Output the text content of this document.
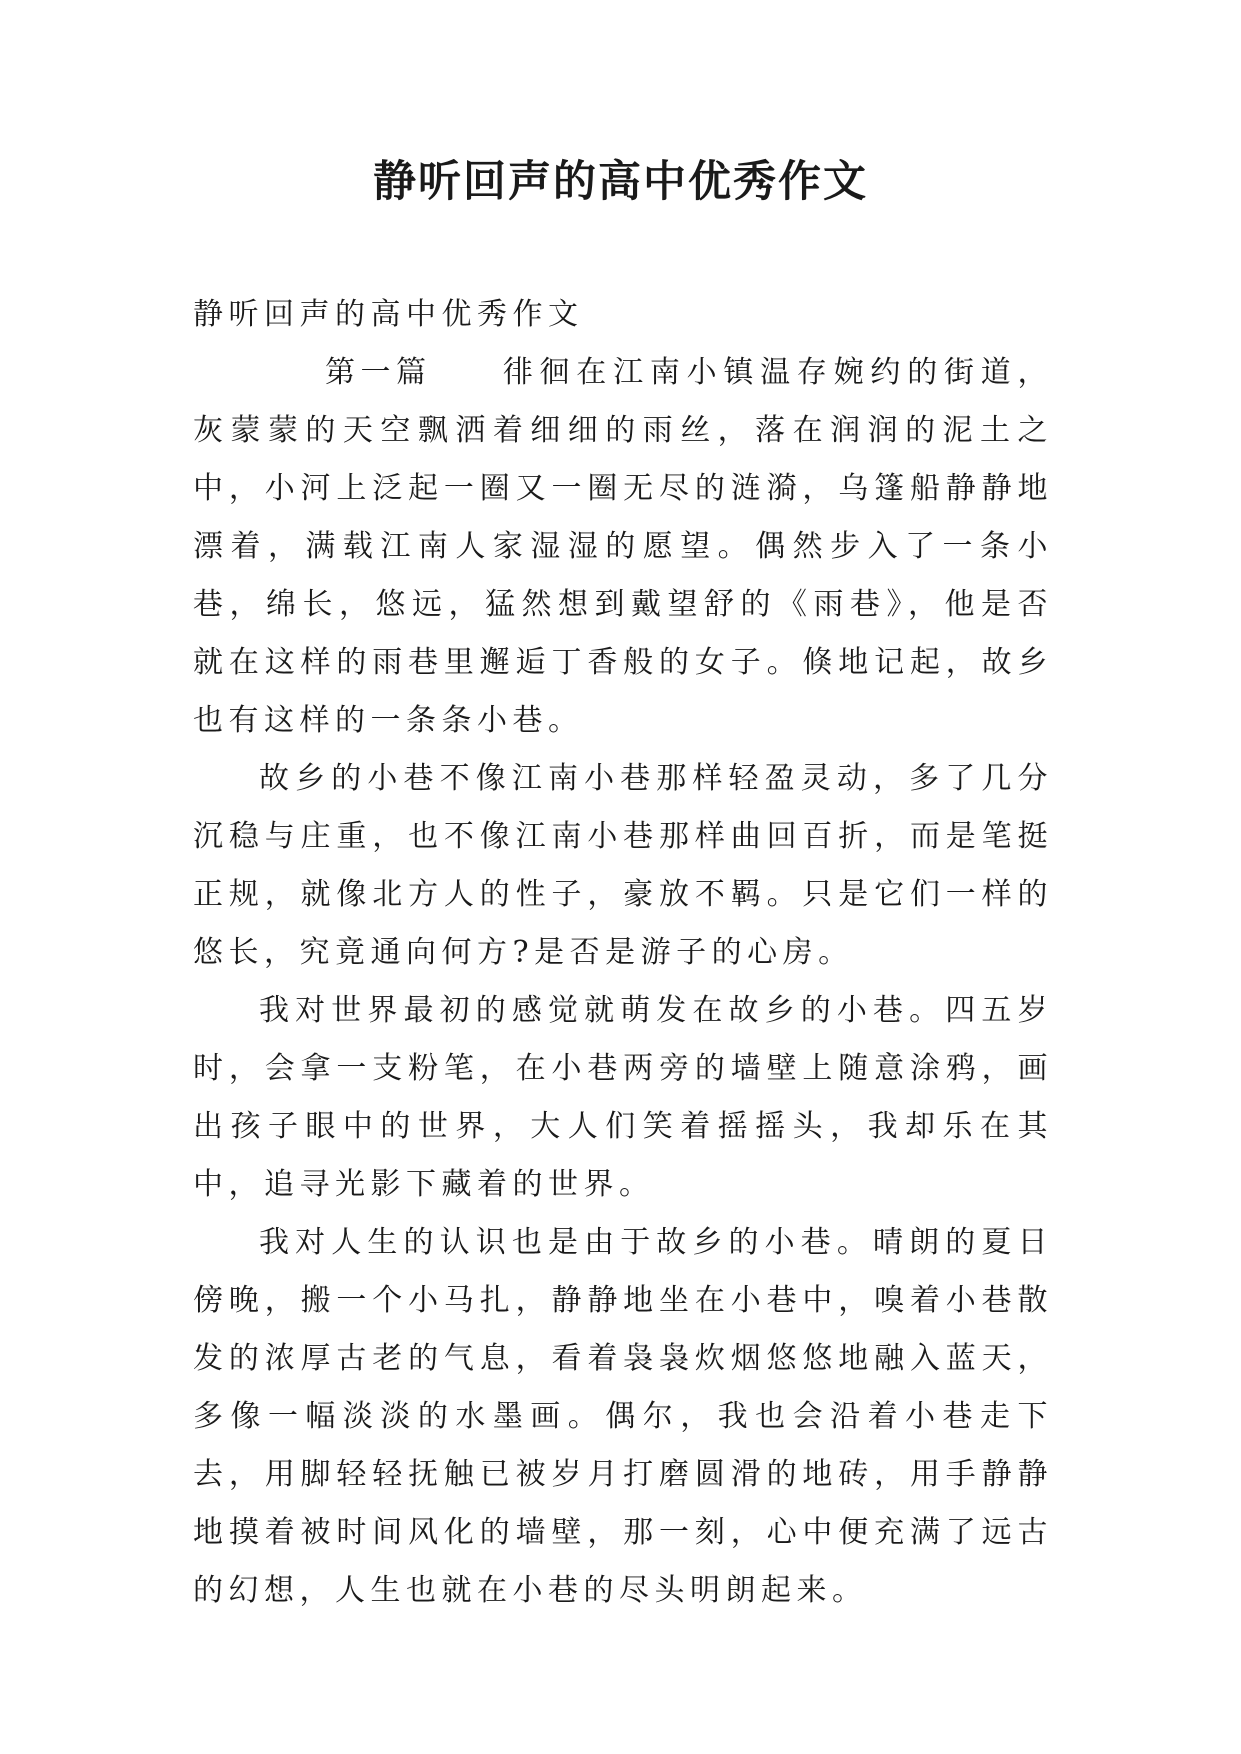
静听回声的高中优秀作文

静听回声的高中优秀作文

第一篇 徘徊在江南小镇温存婉约的街道，灰蒙蒙的天空飘洒着细细的雨丝，落在润润的泥土之中，小河上泛起一圈又一圈无尽的涟漪，乌篷船静静地漂着，满载江南人家湿湿的愿望。偶然步入了一条小巷，绵长，悠远，猛然想到戴望舒的《雨巷》，他是否就在这样的雨巷里邂逅丁香般的女子。倏地记起，故乡也有这样的一条条小巷。

故乡的小巷不像江南小巷那样轻盈灵动，多了几分沉稳与庄重，也不像江南小巷那样曲回百折，而是笔挺正规，就像北方人的性子，豪放不羁。只是它们一样的悠长，究竟通向何方?是否是游子的心房。

我对世界最初的感觉就萌发在故乡的小巷。四五岁时，会拿一支粉笔，在小巷两旁的墙壁上随意涂鸦，画出孩子眼中的世界，大人们笑着摇摇头，我却乐在其中，追寻光影下藏着的世界。

我对人生的认识也是由于故乡的小巷。晴朗的夏日傍晚，搬一个小马扎，静静地坐在小巷中，嗅着小巷散发的浓厚古老的气息，看着袅袅炊烟悠悠地融入蓝天，多像一幅淡淡的水墨画。偶尔，我也会沿着小巷走下去，用脚轻轻抚触已被岁月打磨圆滑的地砖，用手静静地摸着被时间风化的墙壁，那一刻，心中便充满了远古的幻想，人生也就在小巷的尽头明朗起来。
